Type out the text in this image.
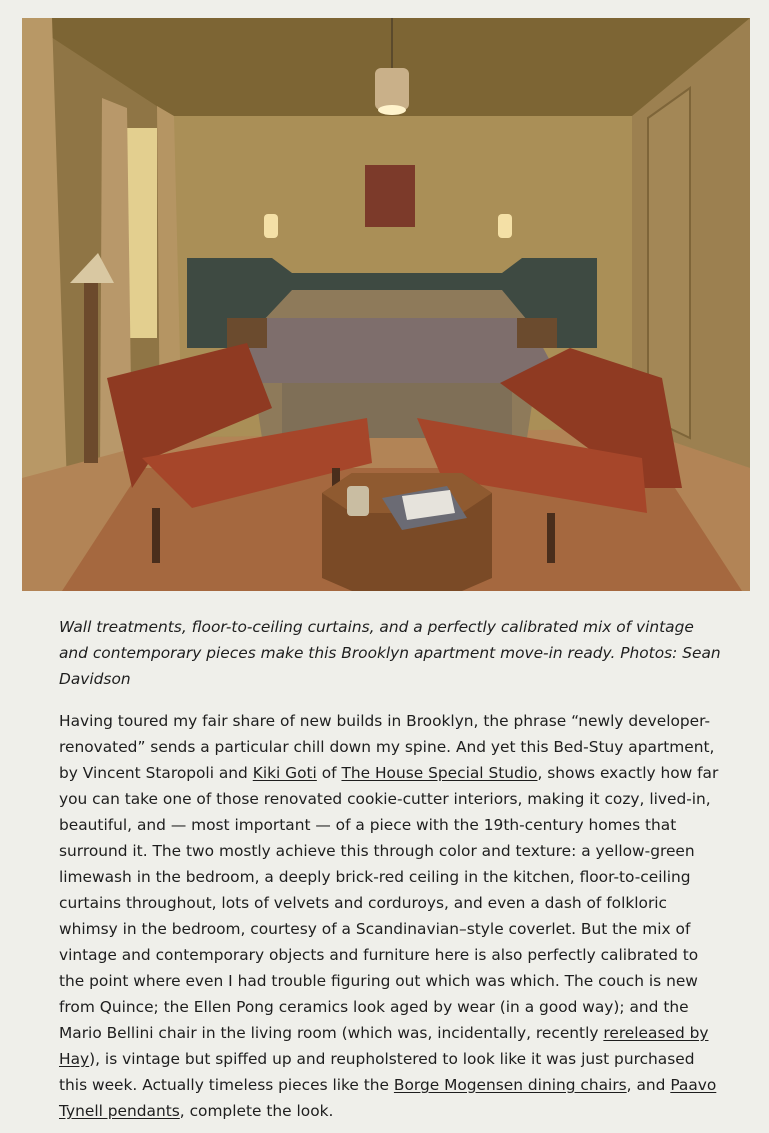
Wall treatments, floor-to-ceiling curtains, and a perfectly calibrated mix of vintage and contemporary pieces make this Brooklyn apartment move-in ready. Photos: Sean Davidson

Having toured my fair share of new builds in Brooklyn, the phrase “newly developer-renovated” sends a particular chill down my spine. And yet this Bed-Stuy apartment, by Vincent Staropoli and Kiki Goti of The House Special Studio, shows exactly how far you can take one of those renovated cookie-cutter interiors, making it cozy, lived-in, beautiful, and — most important — of a piece with the 19th-century homes that surround it. The two mostly achieve this through color and texture: a yellow-green limewash in the bedroom, a deeply brick-red ceiling in the kitchen, floor-to-ceiling curtains throughout, lots of velvets and corduroys, and even a dash of folkloric whimsy in the bedroom, courtesy of a Scandinavian–style coverlet. But the mix of vintage and contemporary objects and furniture here is also perfectly calibrated to the point where even I had trouble figuring out which was which. The couch is new from Quince; the Ellen Pong ceramics look aged by wear (in a good way); and the Mario Bellini chair in the living room (which was, incidentally, recently rereleased by Hay), is vintage but spiffed up and reupholstered to look like it was just purchased this week. Actually timeless pieces like the Borge Mogensen dining chairs, and Paavo Tynell pendants, complete the look.
